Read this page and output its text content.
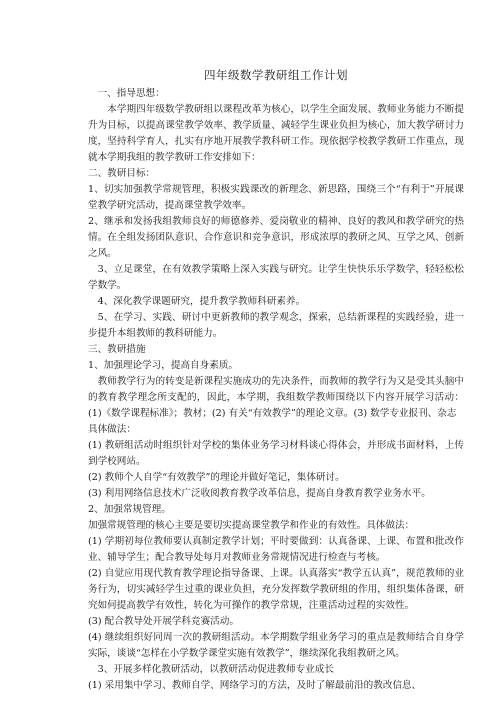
四年级数学教研组工作计划

一、指导思想：

本学期四年级数学教研组以课程改革为核心，以学生全面发展、教师业务能力不断提升为目标，以提高课堂教学效率、教学质量、减轻学生课业负担为核心，加大教学研讨力度，坚持科学育人，扎实有序地开展教学教科研工作。现依据学校教学教研工作重点，现就本学期我组的教学教研工作安排如下：

二、教研目标：

1、切实加强教学常规管理，积极实践课改的新理念、新思路，围绕三个“有利于”开展课堂教学研究活动，提高课堂教学效率。

2、继承和发扬我组教师良好的师德修养、爱岗敬业的精神、良好的教风和教学研究的热情。在全组发扬团队意识、合作意识和竞争意识，形成浓厚的教研之风、互学之风、创新之风。

3、立足课堂，在有效教学策略上深入实践与研究。让学生快快乐乐学数学，轻轻松松学数学。

4、深化教学课题研究，提升教学教师科研素养。

5、在学习、实践、研讨中更新教师的教学观念，探索，总结新课程的实践经验，进一步提升本组教师的教科研能力。

三、教研措施

1、加强理论学习，提高自身素质。

教师教学行为的转变是新课程实施成功的先决条件，而教师的教学行为又是受其头脑中的教育教学理念所支配的，因此，本学期，我组数学教师围绕以下内容开展学习活动：(1)《数学课程标准》；教材；(2) 有关“有效教学”的理论文章。(3) 数学专业报刊、杂志

具体做法：

(1) 教研组活动时组织针对学校的集体业务学习材料谈心得体会，并形成书面材料，上传到学校网站。

(2) 教师个人自学“有效教学”的理论并做好笔记，集体研讨。

(3) 利用网络信息技术广泛收阅教育教学改革信息，提高自身教育教学业务水平。

2、加强常规管理。

加强常规管理的核心主要是要切实提高课堂教学和作业的有效性。具体做法：

(1) 学期初每位教师要认真制定教学计划；平时要做到：认真备课、上课、布置和批改作业、辅导学生；配合教导处每月对教师业务常规情况进行检查与考核。

(2) 自觉应用现代教育教学理论指导备课、上课。认真落实“教学五认真”，规范教师的业务行为，切实减轻学生过重的课业负担，充分发挥数学教研组的作用，组织集体备课，研究如何提高教学有效性，转化为可操作的教学常规，注重活动过程的实效性。

(3) 配合教导处开展学科竞赛活动。

(4) 继续组织好同周一次的教研组活动。本学期数学组业务学习的重点是教师结合自身学实际，谈谈“怎样在小学数学课堂实施有效教学”，继续深化我组教研之风。

3、开展多样化教研活动，以教研活动促进教师专业成长

(1) 采用集中学习、教师自学、网络学习的方法，及时了解最前沿的教改信息、
